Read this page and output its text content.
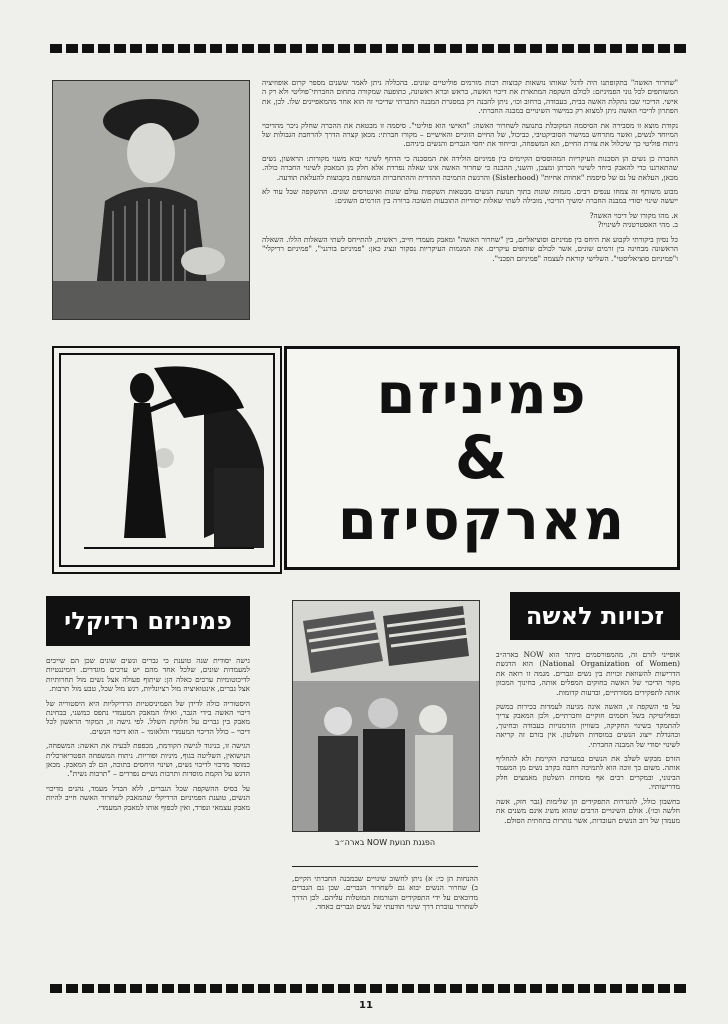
"שחרור האשה" בתקופתנו היה לדגל שאותו נושאות קבוצות רבות מזרמים פוליטיים שונים. בהכללה ניתן לאמר ששנים מספר קרום אופוזיציה המשותפים לכל גוני הפמיניזם: לכולם השקפה המתארת את דיכוי האשה, בראש וברא ראשונה, כתופעה שמקורה בתחום החברתי־פוליטי ולא רק ה אישי. הדיכוי שבו נתקלת האשה בבית, בעבודה, ברחוב וכו׳, ניתן להבנה רק במסגרת המבנה החברתי שדיכוי זה הוא אחד מהמאפיינים שלו. לכן, את הפתרון לדיכוי האשה ניתן למצוא רק במישור השינויים במבנה החברתי.

נקודת מוצא זו מסבירה את הסיסמה המקובלת בתנועה לשחרור האשה: "האישי הוא פוליטי". סיסמה זו מבטאת את ההכרה שחלק ניכר מהדיכוי המיוחד לנשים, ואשר מתרחש במישור הסוביקטיבי, כביכול, של החיים הזוגיים והאישיים – מקורו חברתי: מכאן קצרה הדרך להרחבת הגבולות של ניתוח פוליטי כך שיכלול את צורת החיים, תא המשפחה, ובייחוד את יחסי הגברים והנשים ביניהם.

החברה כן נשים הן הסכנות העיקריות המהוססים הקיימים בין פמיניזם הולידה את המסכנה כי הדחף לשינוי יבוא משני מקורות: הראשון, נשים שהתארגנו כדי להאבק ביחד לשינוי הכרתן ומצבן, והשני, ההבנה כי שחרור האשה אינו שאלה נפרדת אלא חלק מן המאבק לשינוי החברה כולה. מכאן, העלאת על נס של סיסמת "אחוות אחיות" (Sisterhood) והרגשת התמיכה ההדדית וההתחברות המשותפת בקבוצות להעלאת תודעה.

מבוע משותף זה צמחו ענפים רבים. מגמות שונות בתוך תנועת הנשים מבטאות השקפות עולם שונות ואינטרסים שונים. ההשקפה שכל עוד לא ייעשה שינוי יסודי במבנה החברה ימשיך הדיכוי, מובילה לשתי שאלות יסודיות התובעות תשובה ברורה בין הזרמים השונים:

א. מהו מקורו של דיכוי האשה?

ב. מהי האסטרטגיה לשינויו?

כל נסיון ביקורתי לקבוע את היחס בין פמיניזם וסוציאליזם, בין "שחרור האשה" ומאבק מעמדי חייב, ראשית, להתייחס לשתי השאלות הללו. השאלה הראשונה מבחינה בין זרמים שונים, אשר לכולם שותפים עיקרים. את המגמות העיקריות נסקור ונציג כאן: "פמיניזם בורגני", "פמיניזם רדיקלי" ו"פמיניזם סוציאליסטי". השלישי קוראת לעצמה "פמיניזם הפכני".

פמיניזם
&
מארקסיזם
פמיניזם רדיקלי

גישה יסודית שנה טוענת כי גברים ונשים שונים שכן הם שייכים למעמדות שונים, שלכל אחד מהם יש ערכים מוגדרים. דומיננטיות לדיכוטומיות ערכים כאלה הן: שיתוף פעולה אצל נשים מול תחרותיות אצל גברים, אינטואיציה מול רציונליות, רגש מול שכל, טבע מול תרבות.

היסטוריה כולה לדידן של הפמיניסטיות הרדיקליות היא היסטוריה של דיכוי האשה בידי הגבר, ואילו המאבק המעמדי נתפס כמשני, בבחינת מאבק בין גברים על חלוקת השלל. לפי גישה זו, המקור הראשון לכל דיכוי – כולל הדיכוי המעמדי והלאומי – הוא דיכוי הנשים.

הגישה זו, בניגוד לגישה הקודמת, מכפפת לבעיה את האשה: המשפחה, הנישואין, השליטה בגוף, מיניות ופוריות. ניתוח המשפחה הפטריארכלית כמוסד מרכזי לדיכוי נשים, ושינוי היחסים בתוכה, הם לב המאבק. מכאן הדגש על הקמת מוסדות ותרבות נשיים נפרדים – "תרבות נשית".

על בסיס ההשקפה שכל הגברים, ללא הבדל מעמד, נהנים מדיכוי הנשים, טוענת הפמיניזם הרדיקלי שהמאבק לשחרור האשה חייב להיות מאבק עצמאי ונפרד, ואין לכפוף אותו למאבק המעמדי.

הפגנת תנועת NOW בארה״ב
זכויות לאשה

אופייני לזרם זה, מהמפורסמים ביותר הוא NOW בארה״ב (National Organization of Women) הוא הדגשת הדרישות להשוואת זכויות בין נשים וגברים. מגמה זו רואה את מקור הדיכוי של האשה בחוקים המפלים אותה, בחינוך המכוון אותה לתפקידים מסורתיים, ובדעות קדומות.

על פי השקפה זו, האשה אינה מגיעה לעמדות בכירות במשק ובפוליטיקה בשל חסמים חוקיים וחברתיים, ולכן המאבק צריך להתמקד בשינוי החקיקה, בשוויון הזדמנויות בעבודה ובחינוך, ובהגדלת ייצוג הנשים במוסדות השלטון. אין בזרם זה קריאה לשינוי יסודי של המבנה החברתי.

הזרם מבקש לשלב את הנשים במערכת הקיימת ולא להחליף אותה. משום כך זוכה הוא לתמיכה רחבה בקרב נשים מן המעמד הבינוני, ובמקרים רבים אף מוסדות השלטון מאמצים חלק מדרישותיו.

בחשבון כולל, להגדרות התפקידים הן שלימות (גבר חזק, אשה חלשה וכו׳). אולם השינויים הרבים שהוא משיג אינם משנים את מעמדן של רוב הנשים העובדות, אשר נותרות בתחתית הסולם.

ההנחות הן כי: א) ניתן לחשוב שינויים שבמבנה החברתי הקיים, ב) שחרור הנשים יבוא גם לשחרור הגברים. שכן גם הגברים מדוכאים על ידי התפקידים והנורמות המוטלות עליהם. לכן הדרך לשחרור עוברת דרך שינוי תודעתי של נשים וגברים כאחד.

11
